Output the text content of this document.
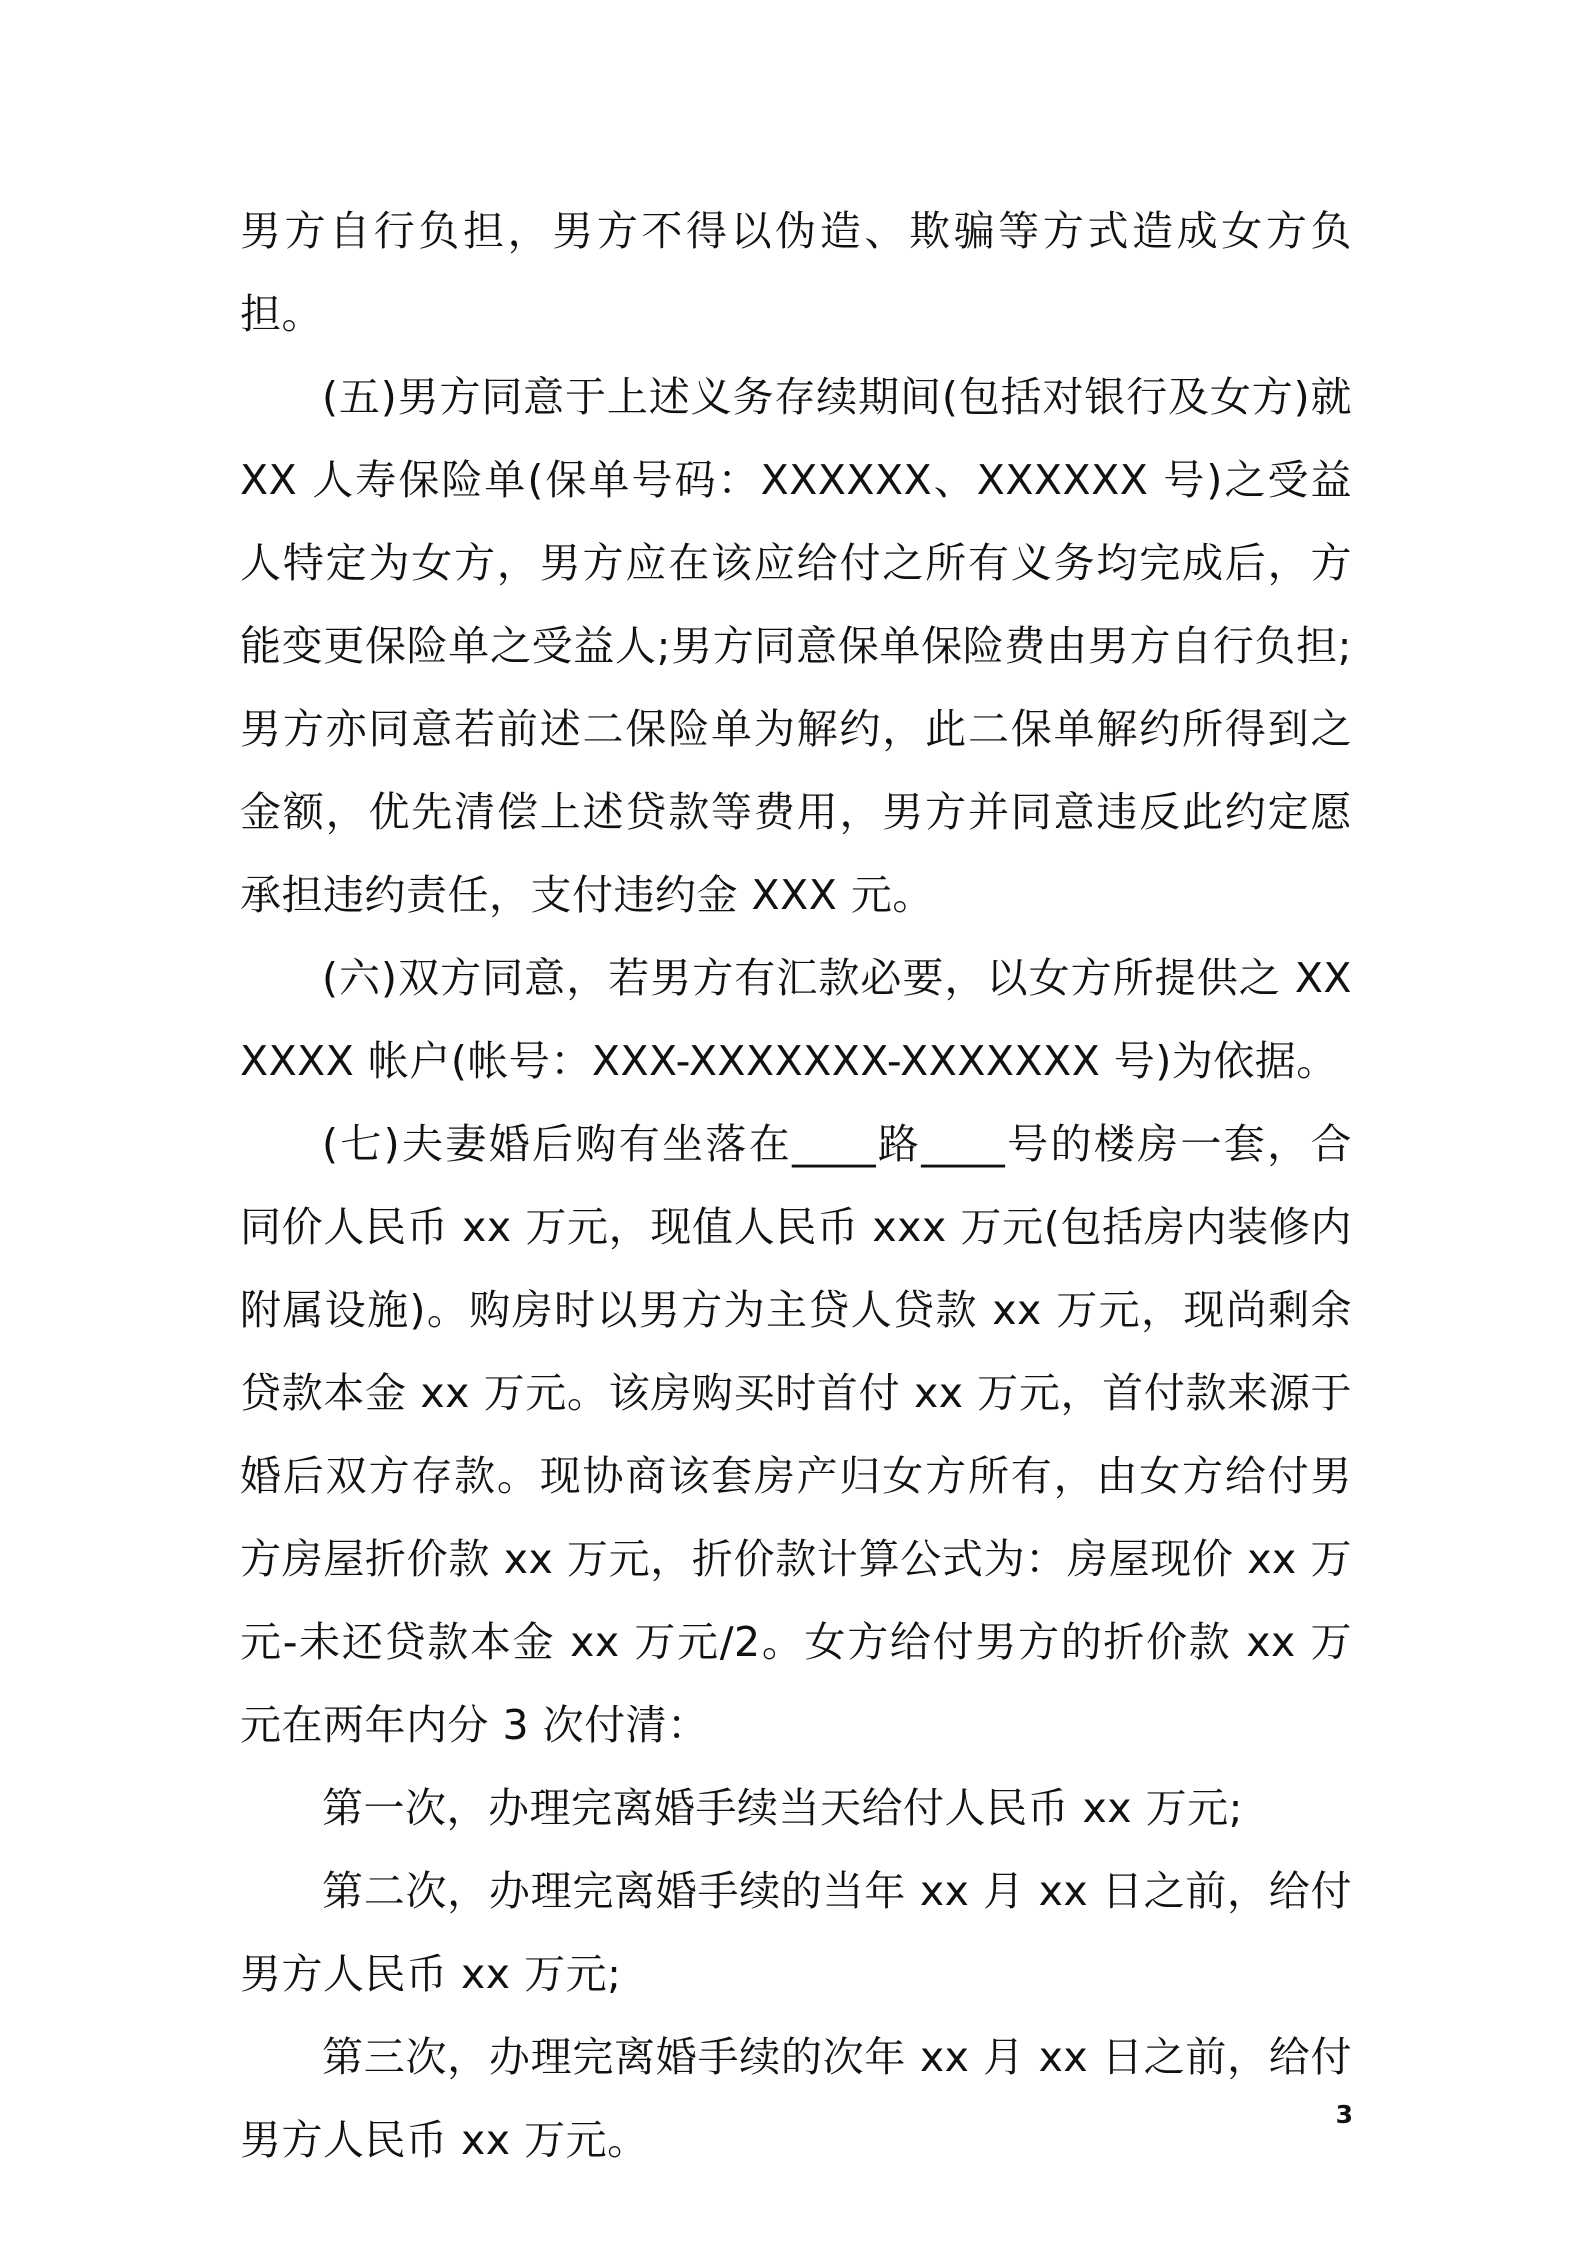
男方自行负担，男方不得以伪造、欺骗等方式造成女方负担。

(五)男方同意于上述义务存续期间(包括对银行及女方)就XX 人寿保险单(保单号码：XXXXXX、XXXXXX 号)之受益人特定为女方，男方应在该应给付之所有义务均完成后，方能变更保险单之受益人;男方同意保单保险费由男方自行负担;男方亦同意若前述二保险单为解约，此二保单解约所得到之金额，优先清偿上述贷款等费用，男方并同意违反此约定愿承担违约责任，支付违约金 XXX 元。

(六)双方同意，若男方有汇款必要，以女方所提供之 XXXXXX 帐户(帐号：XXX-XXXXXXX-XXXXXXX 号)为依据。

(七)夫妻婚后购有坐落在____路____号的楼房一套，合同价人民币 xx 万元，现值人民币 xxx 万元(包括房内装修内附属设施)。购房时以男方为主贷人贷款 xx 万元，现尚剩余贷款本金 xx 万元。该房购买时首付 xx 万元，首付款来源于婚后双方存款。现协商该套房产归女方所有，由女方给付男方房屋折价款 xx 万元，折价款计算公式为：房屋现价 xx 万元-未还贷款本金 xx 万元/2。女方给付男方的折价款 xx 万元在两年内分 3 次付清：

第一次，办理完离婚手续当天给付人民币 xx 万元;

第二次，办理完离婚手续的当年 xx 月 xx 日之前，给付男方人民币 xx 万元;

第三次，办理完离婚手续的次年 xx 月 xx 日之前，给付男方人民币 xx 万元。

3
